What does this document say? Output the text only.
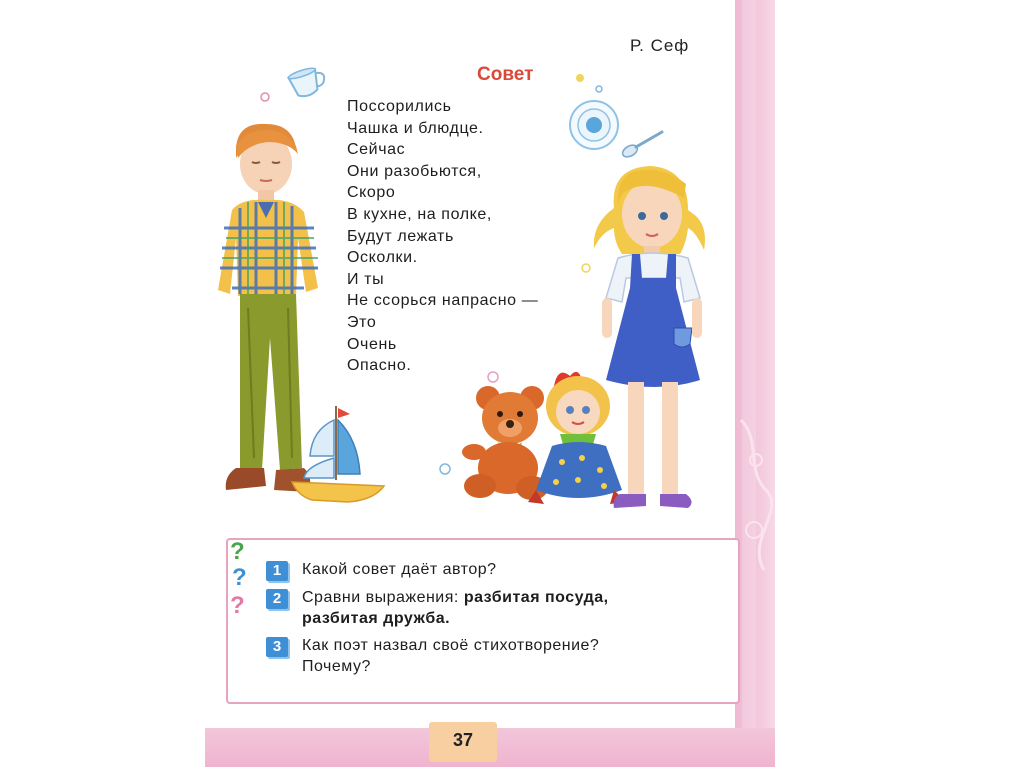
Р. Сеф
Совет
Поссорились
Чашка и блюдце.
Сейчас
Они разобьются,
Скоро
В кухне, на полке,
Будут лежать
Осколки.
И ты
Не ссорься напрасно —
Это
Очень
Опасно.
?
?
?
1	Какой совет даёт автор?
2	Сравни выражения: разбитая посуда,
разбитая дружба.
3	Как поэт назвал своё стихотворение?
Почему?
37
